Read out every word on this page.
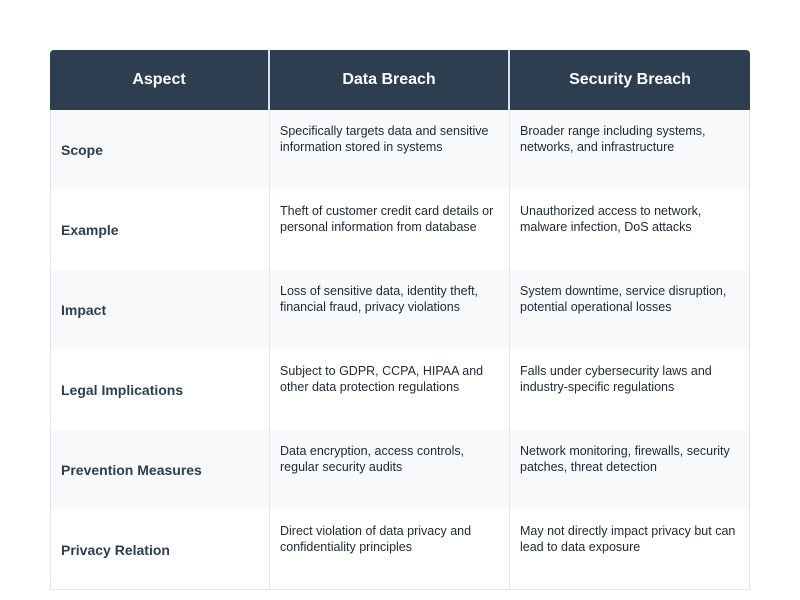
Aspect	Data Breach	Security Breach
Scope	Specifically targets data and sensitive information stored in systems	Broader range including systems, networks, and infrastructure
Example	Theft of customer credit card details or personal information from database	Unauthorized access to network, malware infection, DoS attacks
Impact	Loss of sensitive data, identity theft, financial fraud, privacy violations	System downtime, service disruption, potential operational losses
Legal Implications	Subject to GDPR, CCPA, HIPAA and other data protection regulations	Falls under cybersecurity laws and industry-specific regulations
Prevention Measures	Data encryption, access controls, regular security audits	Network monitoring, firewalls, security patches, threat detection
Privacy Relation	Direct violation of data privacy and confidentiality principles	May not directly impact privacy but can lead to data exposure
